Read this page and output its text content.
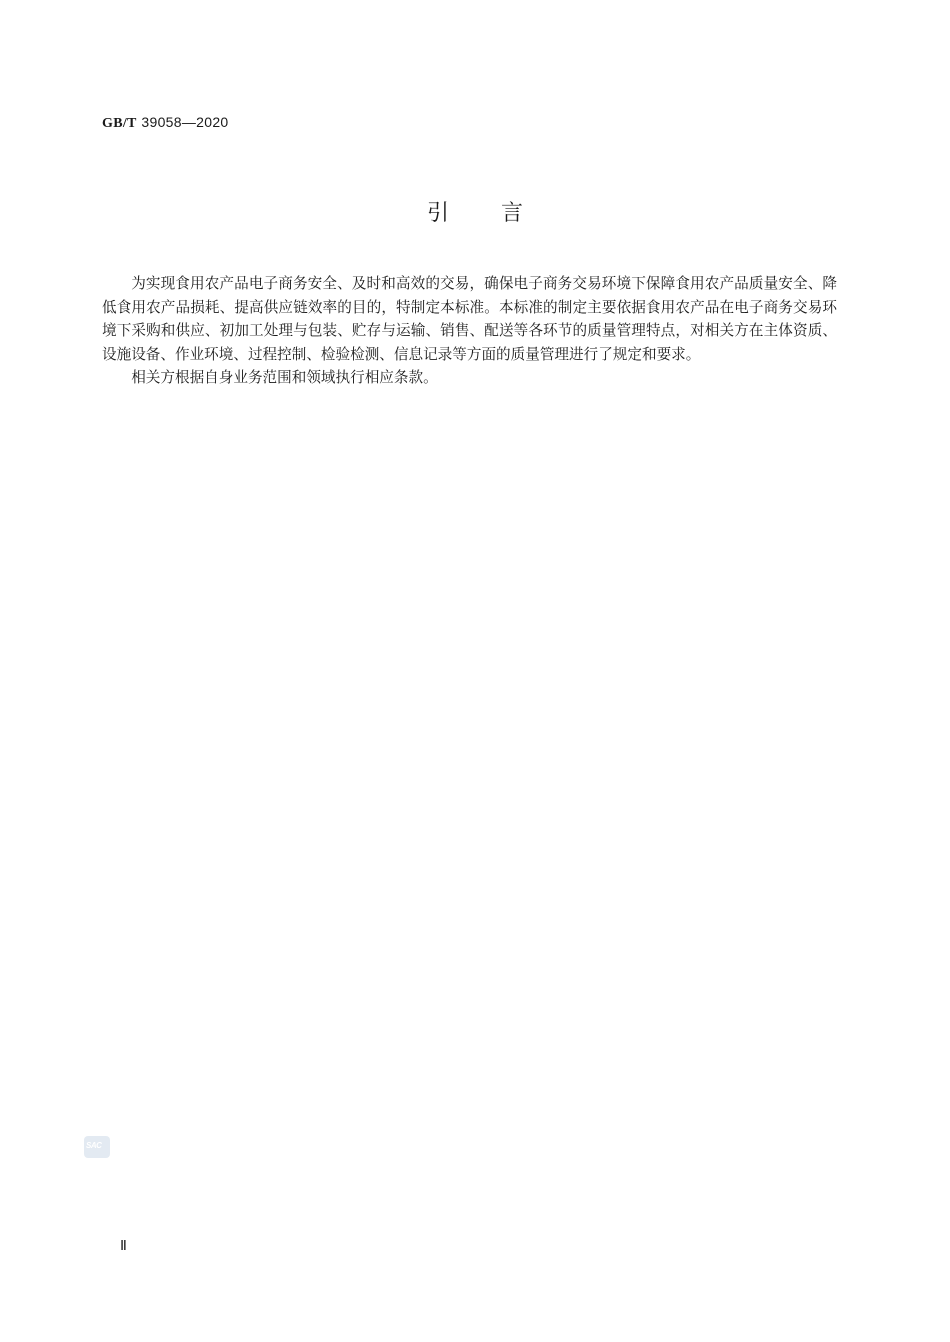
GB/T 39058—2020
引言

为实现食用农产品电子商务安全、及时和高效的交易，确保电子商务交易环境下保障食用农产品质量安全、降低食用农产品损耗、提高供应链效率的目的，特制定本标准。本标准的制定主要依据食用农产品在电子商务交易环境下采购和供应、初加工处理与包装、贮存与运输、销售、配送等各环节的质量管理特点，对相关方在主体资质、设施设备、作业环境、过程控制、检验检测、信息记录等方面的质量管理进行了规定和要求。

相关方根据自身业务范围和领域执行相应条款。

SAC
Ⅱ
